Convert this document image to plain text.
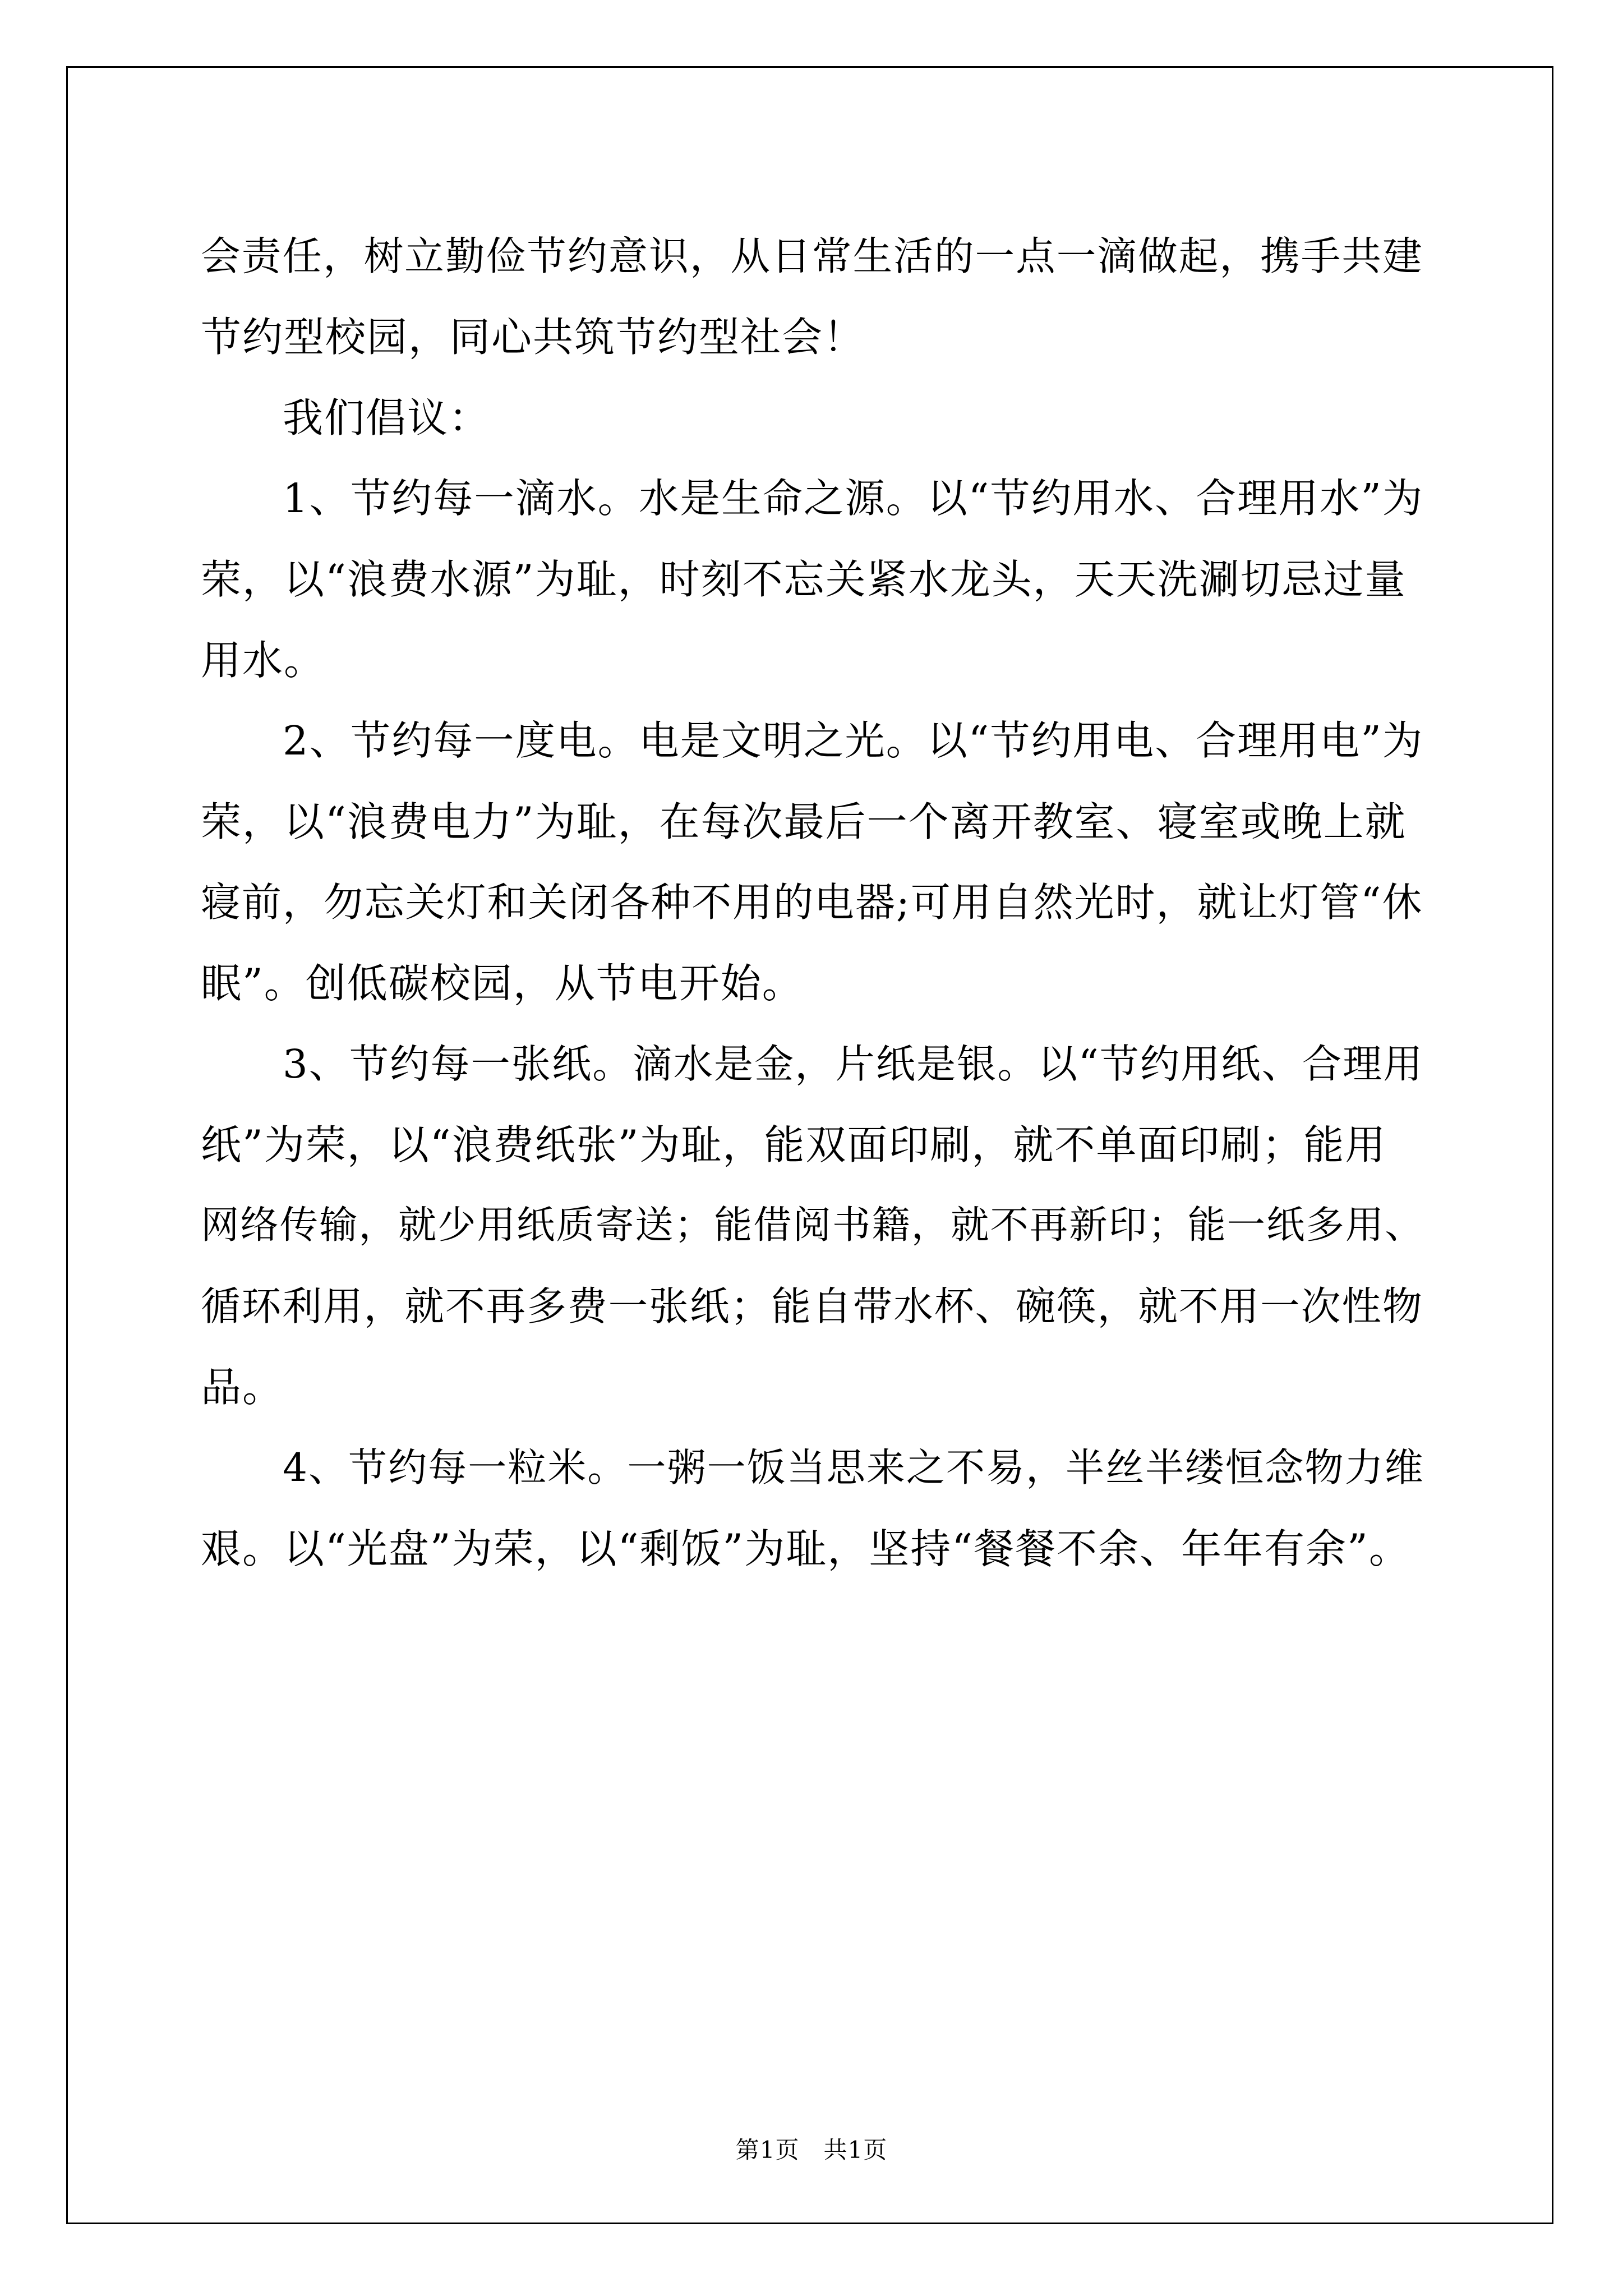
会责任，树立勤俭节约意识，从日常生活的一点一滴做起，携手共建
节约型校园，同心共筑节约型社会！
我们倡议：
1、节约每一滴水。水是生命之源。以“节约用水、合理用水”为
荣，以“浪费水源”为耻，时刻不忘关紧水龙头，天天洗涮切忌过量
用水。
2、节约每一度电。电是文明之光。以“节约用电、合理用电”为
荣，以“浪费电力”为耻，在每次最后一个离开教室、寝室或晚上就
寝前，勿忘关灯和关闭各种不用的电器;可用自然光时，就让灯管“休
眠”。创低碳校园，从节电开始。
3、节约每一张纸。滴水是金，片纸是银。以“节约用纸、合理用
纸”为荣，以“浪费纸张”为耻，能双面印刷，就不单面印刷；能用
网络传输，就少用纸质寄送；能借阅书籍，就不再新印；能一纸多用、
循环利用，就不再多费一张纸；能自带水杯、碗筷，就不用一次性物
品。
4、节约每一粒米。一粥一饭当思来之不易，半丝半缕恒念物力维
艰。以“光盘”为荣，以“剩饭”为耻，坚持“餐餐不余、年年有余”。
第1页　共1页
